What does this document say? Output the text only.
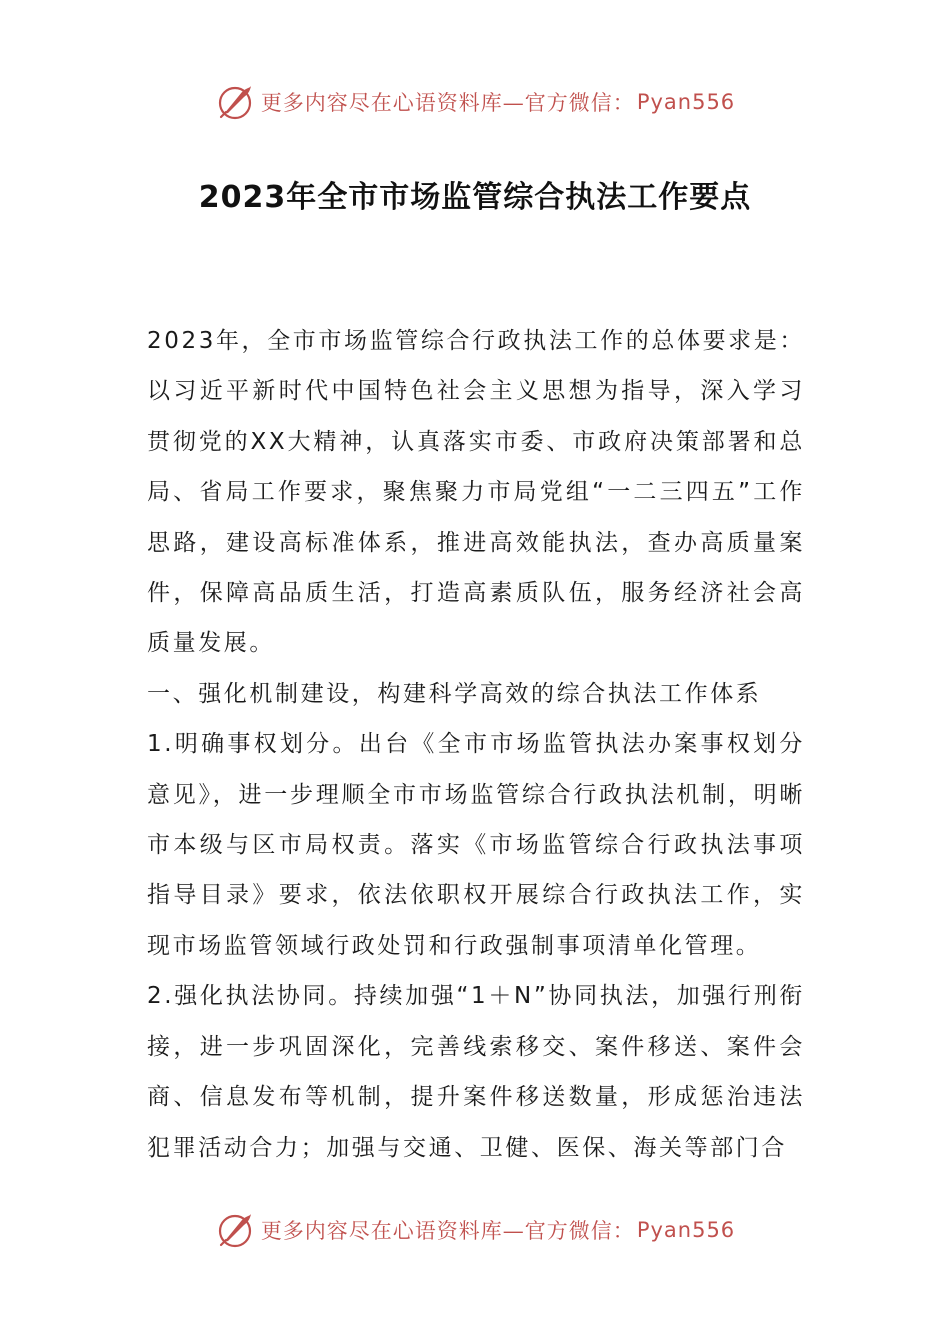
更多内容尽在心语资料库—官方微信： Pyan556
2023年全市市场监管综合执法工作要点

2023年，全市市场监管综合行政执法工作的总体要求是：以习近平新时代中国特色社会主义思想为指导，深入学习贯彻党的XX大精神，认真落实市委、市政府决策部署和总局、省局工作要求，聚焦聚力市局党组“一二三四五”工作思路，建设高标准体系，推进高效能执法，查办高质量案件，保障高品质生活，打造高素质队伍，服务经济社会高质量发展。

一、强化机制建设，构建科学高效的综合执法工作体系

1.明确事权划分。出台《全市市场监管执法办案事权划分意见》，进一步理顺全市市场监管综合行政执法机制，明晰市本级与区市局权责。落实《市场监管综合行政执法事项指导目录》要求，依法依职权开展综合行政执法工作，实现市场监管领域行政处罚和行政强制事项清单化管理。

2.强化执法协同。持续加强“1＋N”协同执法，加强行刑衔接，进一步巩固深化，完善线索移交、案件移送、案件会商、信息发布等机制，提升案件移送数量，形成惩治违法犯罪活动合力；加强与交通、卫健、医保、海关等部门合

更多内容尽在心语资料库—官方微信： Pyan556
